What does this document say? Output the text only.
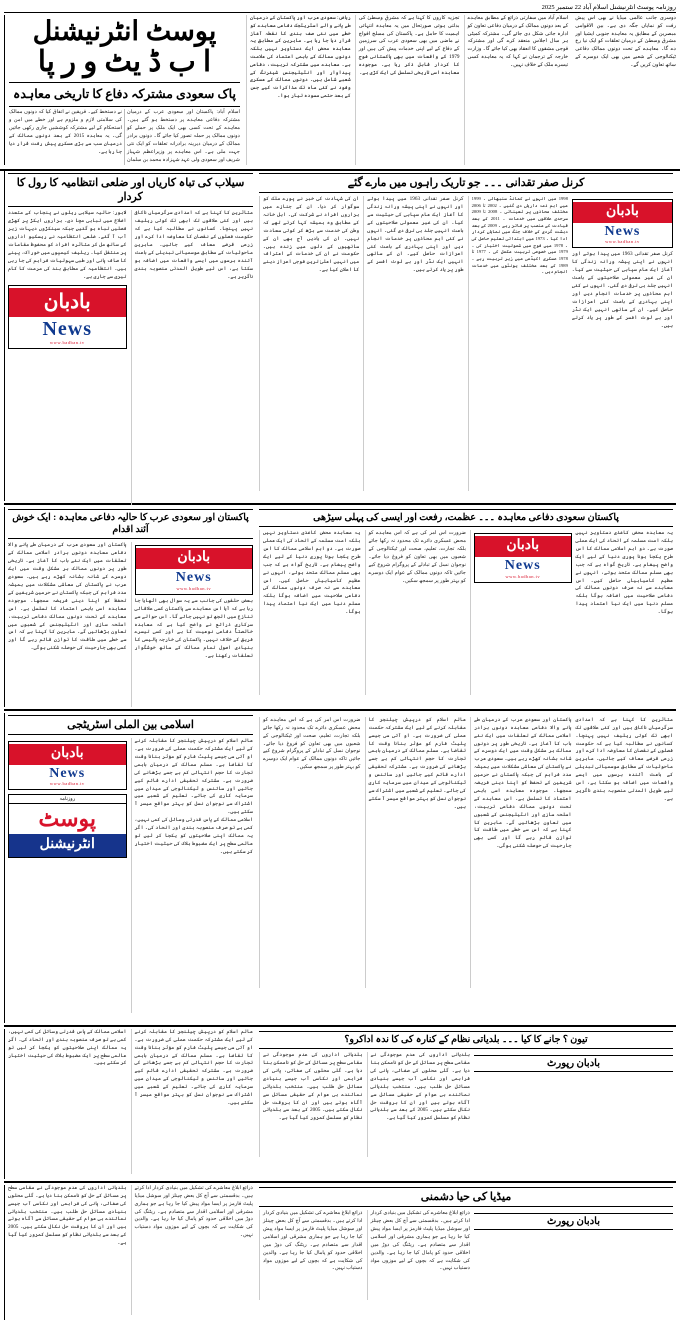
روزنامہ پوسٹ انٹرنیشنل اسلام آباد 22 ستمبر 2025

پوسٹ انٹرنیشنل
ا ب ڈ یٹ و ر پا
پاک سعودی مشترکہ دفاع کا تاریخی معاہدہ
اسلام آباد: پاکستان اور سعودی عرب کے درمیان مشترکہ دفاعی معاہدے پر دستخط ہو گئے ہیں۔ معاہدے کے تحت کسی بھی ایک ملک پر حملے کو دونوں ممالک پر حملہ تصور کیا جائے گا۔ دونوں برادر ممالک کے درمیان دیرینہ برادرانہ تعلقات کو ایک نئی جہت ملی ہے۔ اس معاہدے پر وزیراعظم شہباز شریف اور سعودی ولی عہد شہزادہ محمد بن سلمان نے دستخط کیے۔ فریقین نے اتفاق کیا کہ دونوں ممالک کی سلامتی لازم و ملزوم ہے اور خطے میں امن و استحکام کے لیے مشترکہ کوششیں جاری رکھی جائیں گی۔ یہ معاہدہ 2015 کے بعد دونوں ممالک کے درمیان سب سے بڑی عسکری پیش رفت قرار دیا جا رہا ہے۔
ریاض: سعودی عرب اور پاکستان کے درمیان طے پانے والے اسٹریٹجک دفاعی معاہدے کو خطے میں نئی صف بندی کا نقطہ آغاز قرار دیا جا رہا ہے۔ ماہرین کے مطابق یہ معاہدہ محض ایک دستاویز نہیں بلکہ دونوں ممالک کے باہمی اعتماد کی علامت ہے۔ معاہدے میں مشترکہ تربیت، دفاعی پیداوار اور انٹیلیجنس شیئرنگ کے شعبے شامل ہیں۔ دونوں ممالک کے عسکری وفود نے کئی ماہ تک مذاکرات کیے جس کے بعد حتمی مسودہ تیار ہوا۔
تجزیہ کاروں کا کہنا ہے کہ مشرقِ وسطیٰ کی بدلتی ہوئی صورتحال میں یہ معاہدہ انتہائی اہمیت کا حامل ہے۔ پاکستان کی مسلح افواج نے ماضی میں بھی سعودی عرب کی سرزمین کے دفاع کے لیے اپنی خدمات پیش کی ہیں اور 1979 کے واقعات میں بھی پاکستانی فوج کا کردار قابل ذکر رہا ہے۔ موجودہ معاہدہ اسی تاریخی تسلسل کی ایک کڑی ہے۔
اسلام آباد میں سفارتی ذرائع کے مطابق معاہدے کے بعد دونوں ممالک کے درمیان دفاعی تعاون کو ادارہ جاتی شکل دی جائے گی۔ مشترکہ کمیٹی ہر سال اجلاس منعقد کرے گی اور مشترکہ فوجی مشقوں کا انعقاد بھی کیا جائے گا۔ وزارت خارجہ کے ترجمان نے کہا کہ یہ معاہدہ کسی تیسرے ملک کے خلاف نہیں۔
دوسری جانب عالمی میڈیا نے بھی اس پیش رفت کو نمایاں جگہ دی ہے۔ بین الاقوامی مبصرین کے مطابق یہ معاہدہ جنوبی ایشیا اور مشرق وسطیٰ کے درمیان تعلقات کو ایک نیا رخ دے گا۔ معاہدے کے تحت دونوں ممالک دفاعی ٹیکنالوجی کے شعبے میں بھی ایک دوسرے کے ساتھ تعاون کریں گے۔
سیلاب کی تباہ کاریاں اور ضلعی انتظامیہ کا رول کا کردار
لاہور: حالیہ سیلابی ریلوں نے پنجاب کے متعدد اضلاع میں تباہی مچا دی۔ ہزاروں ایکڑ پر کھڑی فصلیں تباہ ہو گئیں جبکہ سینکڑوں دیہات زیر آب آ گئے۔ ضلعی انتظامیہ نے ریسکیو اداروں کے ساتھ مل کر متاثرہ افراد کو محفوظ مقامات پر منتقل کیا۔ ریلیف کیمپوں میں خوراک، پینے کا صاف پانی اور طبی سہولیات فراہم کی جا رہی ہیں۔ انتظامیہ کے مطابق بند کی مرمت کا کام تیزی سے جاری ہے۔
بادبان
News
www.badban.tv
متاثرین کا کہنا ہے کہ امدادی سرگرمیاں ناکافی ہیں اور کئی علاقوں تک ابھی تک کوئی ریلیف نہیں پہنچا۔ کسانوں نے مطالبہ کیا ہے کہ حکومت فصلوں کے نقصان کا معاوضہ ادا کرے اور زرعی قرضے معاف کیے جائیں۔ ماہرین ماحولیات کے مطابق موسمیاتی تبدیلی کے باعث آئندہ برسوں میں ایسے واقعات میں اضافہ ہو سکتا ہے، اس لیے طویل المدتی منصوبہ بندی ناگزیر ہے۔
کرنل صفر تقدانی ۔۔۔ جو تاریک راہوں میں مارے گئے
ان کی شہادت کی خبر نے پورے ملک کو سوگوار کر دیا۔ ان کے جنازے میں ہزاروں افراد نے شرکت کی۔ اہل خانہ کے مطابق وہ ہمیشہ کہا کرتے تھے کہ وطن کی خدمت سے بڑھ کر کوئی سعادت نہیں۔ ان کی یادیں آج بھی ان کے ساتھیوں کے دلوں میں زندہ ہیں۔ حکومت نے ان کی خدمات کے اعتراف میں انہیں اعلیٰ ترین فوجی اعزاز دینے کا اعلان کیا ہے۔
کرنل صفر تقدانی 1963 میں پیدا ہوئے اور انہوں نے اپنی پیشہ ورانہ زندگی کا آغاز ایک عام سپاہی کی حیثیت سے کیا۔ ان کی غیر معمولی صلاحیتوں کے باعث انہیں جلد ہی ترقی دی گئی۔ انہوں نے کئی اہم محاذوں پر خدمات انجام دیں اور اپنی بہادری کے باعث کئی اعزازات حاصل کیے۔ ان کے ساتھی انہیں ایک نڈر اور بے لوث افسر کے طور پر یاد کرتے ہیں۔
1998 میں انہوں نے کمانڈ سنبھالی ۔ 1999 میں اہم ذمہ داریاں دی گئیں ۔ 2002 تا 2006 مختلف محاذوں پر تعیناتی ۔ 2008 تا 2009 سرحدی علاقوں میں خدمات ۔ 2011 کے بعد قیادت کے منصب پر فائز رہے ۔ 2009 کے بعد دہشت گردی کے خلاف جنگ میں نمایاں کردار ادا کیا ۔ 1973 میں ابتدائی تعلیم حاصل کی ۔ 1978 میں فوج میں شمولیت اختیار کی ۔ 1979 میں خصوصی تربیت مکمل کی ۔ 1977 تا 1978 عسکری اکیڈمی میں زیر تربیت رہے ۔ 1989 کے بعد مختلف یونٹوں میں خدمات انجام دیں ۔
بادبان
News
www.badban.tv
کرنل صفر تقدانی 1963 میں پیدا ہوئے اور انہوں نے اپنی پیشہ ورانہ زندگی کا آغاز ایک عام سپاہی کی حیثیت سے کیا۔ ان کی غیر معمولی صلاحیتوں کے باعث انہیں جلد ہی ترقی دی گئی۔ انہوں نے کئی اہم محاذوں پر خدمات انجام دیں اور اپنی بہادری کے باعث کئی اعزازات حاصل کیے۔ ان کے ساتھی انہیں ایک نڈر اور بے لوث افسر کے طور پر یاد کرتے ہیں۔
پاکستان اور سعودی عرب کا حالیہ دفاعی معاہدہ : ایک خوش آئند اقدام
پاکستان اور سعودی عرب کے درمیان طے پانے والا دفاعی معاہدہ دونوں برادر اسلامی ممالک کے تعلقات میں ایک نئے باب کا آغاز ہے۔ تاریخی طور پر دونوں ممالک ہر مشکل وقت میں ایک دوسرے کے شانہ بشانہ کھڑے رہے ہیں۔ سعودی عرب نے پاکستان کی معاشی مشکلات میں ہمیشہ مدد فراہم کی جبکہ پاکستان نے حرمین شریفین کے تحفظ کو اپنا دینی فریضہ سمجھا۔ موجودہ معاہدہ اسی باہمی اعتماد کا تسلسل ہے۔ اس معاہدے کے تحت دونوں ممالک دفاعی تربیت، اسلحہ سازی اور انٹیلیجنس کے شعبوں میں تعاون بڑھائیں گے۔ ماہرین کا کہنا ہے کہ اس سے خطے میں طاقت کا توازن قائم رہے گا اور کسی بھی جارحیت کی حوصلہ شکنی ہوگی۔
بادبان
News
www.badban.tv
بعض حلقوں کی جانب سے یہ سوال بھی اٹھایا جا رہا ہے کہ آیا اس معاہدے سے پاکستان کسی علاقائی تنازع میں الجھ تو نہیں جائے گا۔ اس حوالے سے سرکاری ذرائع نے واضح کیا ہے کہ معاہدہ خالصتاً دفاعی نوعیت کا ہے اور کسی تیسرے فریق کے خلاف نہیں۔ پاکستان کی خارجہ پالیسی کا بنیادی اصول تمام ممالک کے ساتھ خوشگوار تعلقات رکھنا ہے۔
پاکستان سعودی دفاعی معاہدہ ۔۔۔ عظمت، رفعت اور ایسی کی پہلی سیڑھی
یہ معاہدہ محض کاغذی دستاویز نہیں بلکہ امت مسلمہ کے اتحاد کی ایک عملی صورت ہے۔ دو اہم اسلامی ممالک کا اس طرح یکجا ہونا پوری دنیا کے لیے ایک واضح پیغام ہے۔ تاریخ گواہ ہے کہ جب بھی مسلم ممالک متحد ہوئے، انہوں نے عظیم کامیابیاں حاصل کیں۔ اس معاہدے سے نہ صرف دونوں ممالک کی دفاعی صلاحیت میں اضافہ ہوگا بلکہ مسلم دنیا میں ایک نیا اعتماد پیدا ہوگا۔
ضرورت اس امر کی ہے کہ اس معاہدے کو محض عسکری دائرے تک محدود نہ رکھا جائے بلکہ تجارت، تعلیم، صحت اور ٹیکنالوجی کے شعبوں میں بھی تعاون کو فروغ دیا جائے۔ نوجوان نسل کے تبادلے کے پروگرام شروع کیے جائیں تاکہ دونوں ممالک کے عوام ایک دوسرے کو بہتر طور پر سمجھ سکیں۔
بادبان
News
www.badban.tv
یہ معاہدہ محض کاغذی دستاویز نہیں بلکہ امت مسلمہ کے اتحاد کی ایک عملی صورت ہے۔ دو اہم اسلامی ممالک کا اس طرح یکجا ہونا پوری دنیا کے لیے ایک واضح پیغام ہے۔ تاریخ گواہ ہے کہ جب بھی مسلم ممالک متحد ہوئے، انہوں نے عظیم کامیابیاں حاصل کیں۔ اس معاہدے سے نہ صرف دونوں ممالک کی دفاعی صلاحیت میں اضافہ ہوگا بلکہ مسلم دنیا میں ایک نیا اعتماد پیدا ہوگا۔
اسلامی بین الملی اسٹریٹجی
بادبان
News
www.badban.tv
روزنامہ
پوسٹ
انٹرنیشنل
عالم اسلام کو درپیش چیلنجز کا مقابلہ کرنے کے لیے ایک مشترکہ حکمت عملی کی ضرورت ہے۔ او آئی سی جیسے پلیٹ فارم کو مؤثر بنانا وقت کا تقاضا ہے۔ مسلم ممالک کے درمیان باہمی تجارت کا حجم انتہائی کم ہے جسے بڑھانے کی ضرورت ہے۔ مشترکہ تحقیقی ادارے قائم کیے جائیں اور سائنس و ٹیکنالوجی کے میدان میں سرمایہ کاری کی جائے۔ تعلیم کے شعبے میں اشتراک سے نوجوان نسل کو بہتر مواقع میسر آ سکتے ہیں۔
اسلامی ممالک کے پاس قدرتی وسائل کی کمی نہیں، کمی ہے تو صرف منصوبہ بندی اور اتحاد کی۔ اگر یہ ممالک اپنی صلاحیتوں کو یکجا کر لیں تو عالمی سطح پر ایک مضبوط بلاک کی حیثیت اختیار کر سکتے ہیں۔
ضرورت اس امر کی ہے کہ اس معاہدے کو محض عسکری دائرے تک محدود نہ رکھا جائے بلکہ تجارت، تعلیم، صحت اور ٹیکنالوجی کے شعبوں میں بھی تعاون کو فروغ دیا جائے۔ نوجوان نسل کے تبادلے کے پروگرام شروع کیے جائیں تاکہ دونوں ممالک کے عوام ایک دوسرے کو بہتر طور پر سمجھ سکیں۔
عالم اسلام کو درپیش چیلنجز کا مقابلہ کرنے کے لیے ایک مشترکہ حکمت عملی کی ضرورت ہے۔ او آئی سی جیسے پلیٹ فارم کو مؤثر بنانا وقت کا تقاضا ہے۔ مسلم ممالک کے درمیان باہمی تجارت کا حجم انتہائی کم ہے جسے بڑھانے کی ضرورت ہے۔ مشترکہ تحقیقی ادارے قائم کیے جائیں اور سائنس و ٹیکنالوجی کے میدان میں سرمایہ کاری کی جائے۔ تعلیم کے شعبے میں اشتراک سے نوجوان نسل کو بہتر مواقع میسر آ سکتے ہیں۔
پاکستان اور سعودی عرب کے درمیان طے پانے والا دفاعی معاہدہ دونوں برادر اسلامی ممالک کے تعلقات میں ایک نئے باب کا آغاز ہے۔ تاریخی طور پر دونوں ممالک ہر مشکل وقت میں ایک دوسرے کے شانہ بشانہ کھڑے رہے ہیں۔ سعودی عرب نے پاکستان کی معاشی مشکلات میں ہمیشہ مدد فراہم کی جبکہ پاکستان نے حرمین شریفین کے تحفظ کو اپنا دینی فریضہ سمجھا۔ موجودہ معاہدہ اسی باہمی اعتماد کا تسلسل ہے۔ اس معاہدے کے تحت دونوں ممالک دفاعی تربیت، اسلحہ سازی اور انٹیلیجنس کے شعبوں میں تعاون بڑھائیں گے۔ ماہرین کا کہنا ہے کہ اس سے خطے میں طاقت کا توازن قائم رہے گا اور کسی بھی جارحیت کی حوصلہ شکنی ہوگی۔
متاثرین کا کہنا ہے کہ امدادی سرگرمیاں ناکافی ہیں اور کئی علاقوں تک ابھی تک کوئی ریلیف نہیں پہنچا۔ کسانوں نے مطالبہ کیا ہے کہ حکومت فصلوں کے نقصان کا معاوضہ ادا کرے اور زرعی قرضے معاف کیے جائیں۔ ماہرین ماحولیات کے مطابق موسمیاتی تبدیلی کے باعث آئندہ برسوں میں ایسے واقعات میں اضافہ ہو سکتا ہے، اس لیے طویل المدتی منصوبہ بندی ناگزیر ہے۔
اسلامی ممالک کے پاس قدرتی وسائل کی کمی نہیں، کمی ہے تو صرف منصوبہ بندی اور اتحاد کی۔ اگر یہ ممالک اپنی صلاحیتوں کو یکجا کر لیں تو عالمی سطح پر ایک مضبوط بلاک کی حیثیت اختیار کر سکتے ہیں۔
عالم اسلام کو درپیش چیلنجز کا مقابلہ کرنے کے لیے ایک مشترکہ حکمت عملی کی ضرورت ہے۔ او آئی سی جیسے پلیٹ فارم کو مؤثر بنانا وقت کا تقاضا ہے۔ مسلم ممالک کے درمیان باہمی تجارت کا حجم انتہائی کم ہے جسے بڑھانے کی ضرورت ہے۔ مشترکہ تحقیقی ادارے قائم کیے جائیں اور سائنس و ٹیکنالوجی کے میدان میں سرمایہ کاری کی جائے۔ تعلیم کے شعبے میں اشتراک سے نوجوان نسل کو بہتر مواقع میسر آ سکتے ہیں۔
تیون ؟ جانے کا کیا ۔۔۔ بلدیاتی نظام کے کنارہ کی کا ندہ اداکرو؟
بلدیاتی اداروں کی عدم موجودگی نے مقامی سطح پر مسائل کے حل کو ناممکن بنا دیا ہے۔ گلی محلوں کی صفائی، پانی کی فراہمی اور نکاسی آب جیسے بنیادی مسائل حل طلب ہیں۔ منتخب بلدیاتی نمائندے ہی عوام کے حقیقی مسائل سے آگاہ ہوتے ہیں اور ان کا بروقت حل نکال سکتے ہیں۔ 2005 کے بعد سے بلدیاتی نظام کو مسلسل کمزور کیا گیا ہے۔
بلدیاتی اداروں کی عدم موجودگی نے مقامی سطح پر مسائل کے حل کو ناممکن بنا دیا ہے۔ گلی محلوں کی صفائی، پانی کی فراہمی اور نکاسی آب جیسے بنیادی مسائل حل طلب ہیں۔ منتخب بلدیاتی نمائندے ہی عوام کے حقیقی مسائل سے آگاہ ہوتے ہیں اور ان کا بروقت حل نکال سکتے ہیں۔ 2005 کے بعد سے بلدیاتی نظام کو مسلسل کمزور کیا گیا ہے۔
بادبان رپورٹ
بلدیاتی اداروں کی عدم موجودگی نے مقامی سطح پر مسائل کے حل کو ناممکن بنا دیا ہے۔ گلی محلوں کی صفائی، پانی کی فراہمی اور نکاسی آب جیسے بنیادی مسائل حل طلب ہیں۔ منتخب بلدیاتی نمائندے ہی عوام کے حقیقی مسائل سے آگاہ ہوتے ہیں اور ان کا بروقت حل نکال سکتے ہیں۔ 2005 کے بعد سے بلدیاتی نظام کو مسلسل کمزور کیا گیا ہے۔
ذرائع ابلاغ معاشرے کی تشکیل میں بنیادی کردار ادا کرتے ہیں۔ بدقسمتی سے آج کل بعض چینلز اور سوشل میڈیا پلیٹ فارمز پر ایسا مواد پیش کیا جا رہا ہے جو ہماری مشرقی اور اسلامی اقدار سے متصادم ہے۔ ریٹنگ کی دوڑ میں اخلاقی حدود کو پامال کیا جا رہا ہے۔ والدین کی شکایت ہے کہ بچوں کے لیے موزوں مواد دستیاب نہیں۔
میڈیا کی حیا دشمنی
ذرائع ابلاغ معاشرے کی تشکیل میں بنیادی کردار ادا کرتے ہیں۔ بدقسمتی سے آج کل بعض چینلز اور سوشل میڈیا پلیٹ فارمز پر ایسا مواد پیش کیا جا رہا ہے جو ہماری مشرقی اور اسلامی اقدار سے متصادم ہے۔ ریٹنگ کی دوڑ میں اخلاقی حدود کو پامال کیا جا رہا ہے۔ والدین کی شکایت ہے کہ بچوں کے لیے موزوں مواد دستیاب نہیں۔
ذرائع ابلاغ معاشرے کی تشکیل میں بنیادی کردار ادا کرتے ہیں۔ بدقسمتی سے آج کل بعض چینلز اور سوشل میڈیا پلیٹ فارمز پر ایسا مواد پیش کیا جا رہا ہے جو ہماری مشرقی اور اسلامی اقدار سے متصادم ہے۔ ریٹنگ کی دوڑ میں اخلاقی حدود کو پامال کیا جا رہا ہے۔ والدین کی شکایت ہے کہ بچوں کے لیے موزوں مواد دستیاب نہیں۔
بادبان رپورٹ
